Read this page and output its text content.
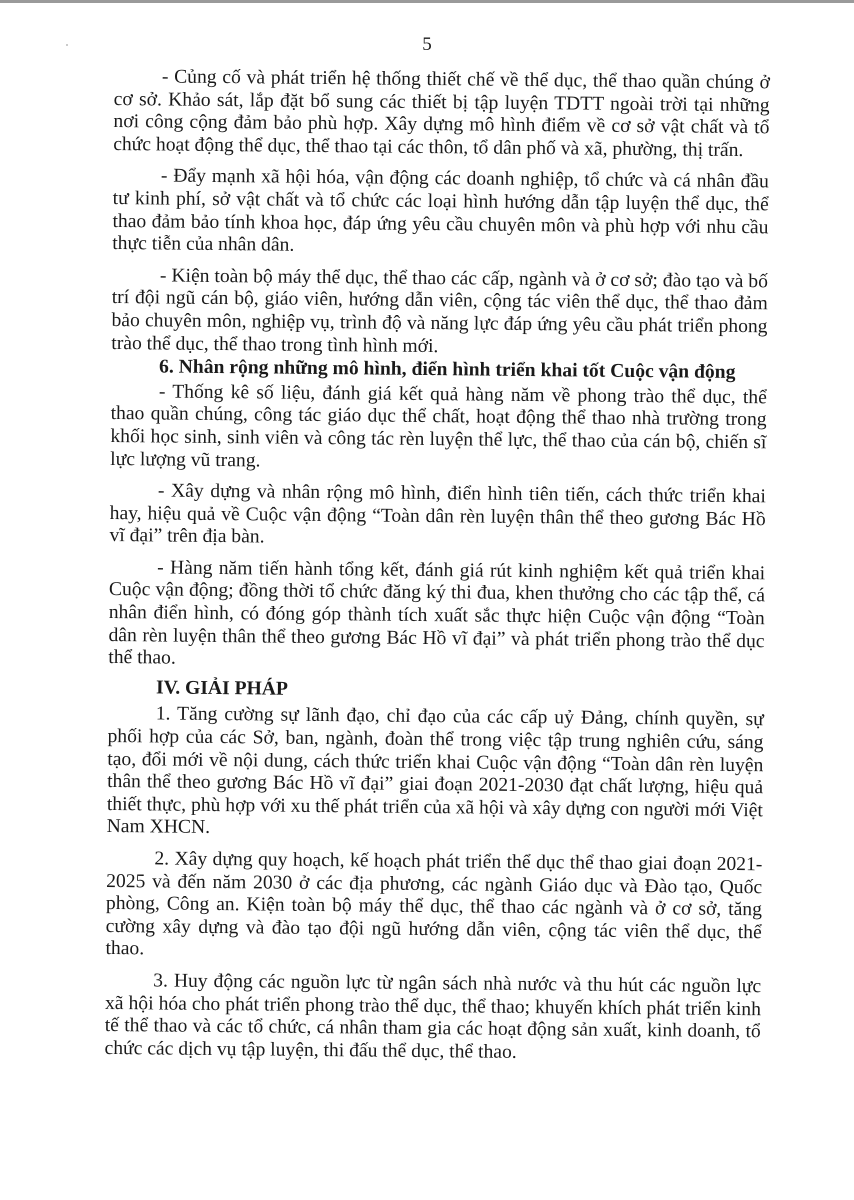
5

- Củng cố và phát triển hệ thống thiết chế về thể dục, thể thao quần chúng ở cơ sở. Khảo sát, lắp đặt bổ sung các thiết bị tập luyện TDTT ngoài trời tại những nơi công cộng đảm bảo phù hợp. Xây dựng mô hình điểm về cơ sở vật chất và tổ chức hoạt động thể dục, thể thao tại các thôn, tổ dân phố và xã, phường, thị trấn.

- Đẩy mạnh xã hội hóa, vận động các doanh nghiệp, tổ chức và cá nhân đầu tư kinh phí, sở vật chất và tổ chức các loại hình hướng dẫn tập luyện thể dục, thể thao đảm bảo tính khoa học, đáp ứng yêu cầu chuyên môn và phù hợp với nhu cầu thực tiễn của nhân dân.

- Kiện toàn bộ máy thể dục, thể thao các cấp, ngành và ở cơ sở; đào tạo và bố trí đội ngũ cán bộ, giáo viên, hướng dẫn viên, cộng tác viên thể dục, thể thao đảm bảo chuyên môn, nghiệp vụ, trình độ và năng lực đáp ứng yêu cầu phát triển phong trào thể dục, thể thao trong tình hình mới.

6. Nhân rộng những mô hình, điển hình triển khai tốt Cuộc vận động

- Thống kê số liệu, đánh giá kết quả hàng năm về phong trào thể dục, thể thao quần chúng, công tác giáo dục thể chất, hoạt động thể thao nhà trường trong khối học sinh, sinh viên và công tác rèn luyện thể lực, thể thao của cán bộ, chiến sĩ lực lượng vũ trang.

- Xây dựng và nhân rộng mô hình, điển hình tiên tiến, cách thức triển khai hay, hiệu quả về Cuộc vận động “Toàn dân rèn luyện thân thể theo gương Bác Hồ vĩ đại” trên địa bàn.

- Hàng năm tiến hành tổng kết, đánh giá rút kinh nghiệm kết quả triển khai Cuộc vận động; đồng thời tổ chức đăng ký thi đua, khen thưởng cho các tập thể, cá nhân điển hình, có đóng góp thành tích xuất sắc thực hiện Cuộc vận động “Toàn dân rèn luyện thân thể theo gương Bác Hồ vĩ đại” và phát triển phong trào thể dục thể thao.

IV. GIẢI PHÁP

1. Tăng cường sự lãnh đạo, chỉ đạo của các cấp uỷ Đảng, chính quyền, sự phối hợp của các Sở, ban, ngành, đoàn thể trong việc tập trung nghiên cứu, sáng tạo, đổi mới về nội dung, cách thức triển khai Cuộc vận động “Toàn dân rèn luyện thân thể theo gương Bác Hồ vĩ đại” giai đoạn 2021-2030 đạt chất lượng, hiệu quả thiết thực, phù hợp với xu thế phát triển của xã hội và xây dựng con người mới Việt Nam XHCN.

2. Xây dựng quy hoạch, kế hoạch phát triển thể dục thể thao giai đoạn 2021-2025 và đến năm 2030 ở các địa phương, các ngành Giáo dục và Đào tạo, Quốc phòng, Công an. Kiện toàn bộ máy thể dục, thể thao các ngành và ở cơ sở, tăng cường xây dựng và đào tạo đội ngũ hướng dẫn viên, cộng tác viên thể dục, thể thao.

3. Huy động các nguồn lực từ ngân sách nhà nước và thu hút các nguồn lực xã hội hóa cho phát triển phong trào thể dục, thể thao; khuyến khích phát triển kinh tế thể thao và các tổ chức, cá nhân tham gia các hoạt động sản xuất, kinh doanh, tổ chức các dịch vụ tập luyện, thi đấu thể dục, thể thao.
